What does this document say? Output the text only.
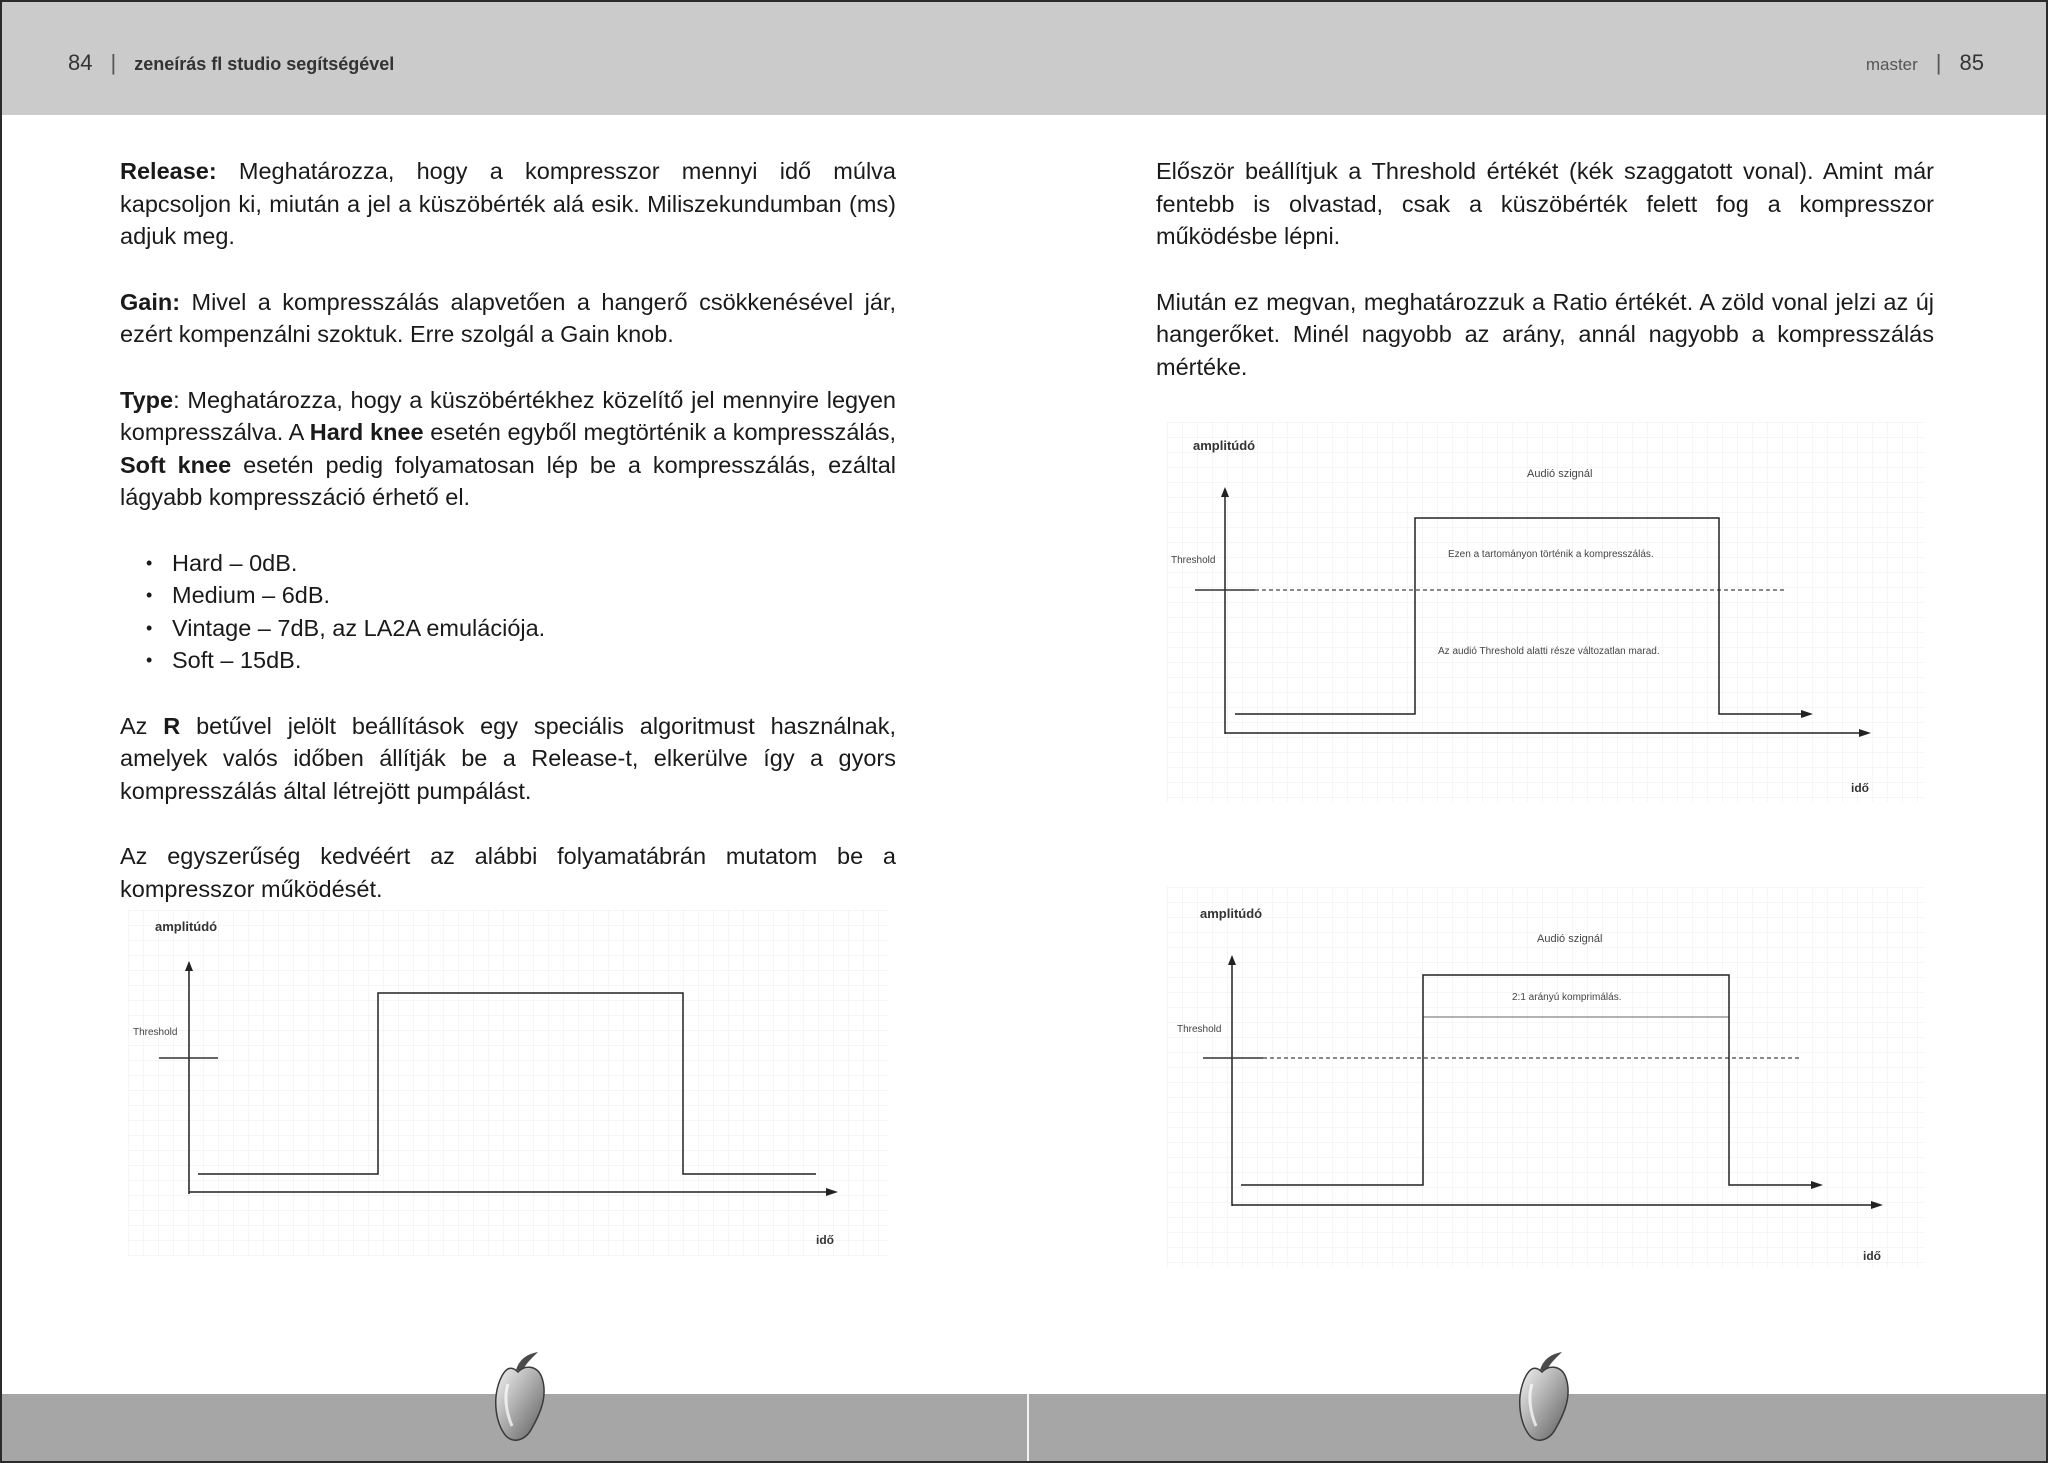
84 | zeneírás fl studio segítségével	master | 85

Release: Meghatározza, hogy a kompresszor mennyi idő múlva kapcsoljon ki, miután a jel a küszöbérték alá esik. Miliszekundumban (ms) adjuk meg.

Gain: Mivel a kompresszálás alapvetően a hangerő csökkenésével jár, ezért kompenzálni szoktuk. Erre szolgál a Gain knob.

Type: Meghatározza, hogy a küszöbértékhez közelítő jel mennyire legyen kompresszálva. A Hard knee esetén egyből megtörténik a kompresszálás, Soft knee esetén pedig folyamatosan lép be a kompresszálás, ezáltal lágyabb kompresszáció érhető el.

• Hard – 0dB.
• Medium – 6dB.
• Vintage – 7dB, az LA2A emulációja.
• Soft – 15dB.

Az R betűvel jelölt beállítások egy speciális algoritmust használnak, amelyek valós időben állítják be a Release-t, elkerülve így a gyors kompresszálás által létrejött pumpálást.

Az egyszerűség kedvéért az alábbi folyamatábrán mutatom be a kompresszor működését.

Először beállítjuk a Threshold értékét (kék szaggatott vonal). Amint már fentebb is olvastad, csak a küszöbérték felett fog a kompresszor működésbe lépni.

Miután ez megvan, meghatározzuk a Ratio értékét. A zöld vonal jelzi az új hangerőket. Minél nagyobb az arány, annál nagyobb a kompresszálás mértéke.

amplitúdó
Threshold
idő
amplitúdó
Audió szignál
Threshold
Ezen a tartományon történik a kompresszálás.
Az audió Threshold alatti része változatlan marad.
idő
amplitúdó
Audió szignál
Threshold
2:1 arányú komprimálás.
idő
